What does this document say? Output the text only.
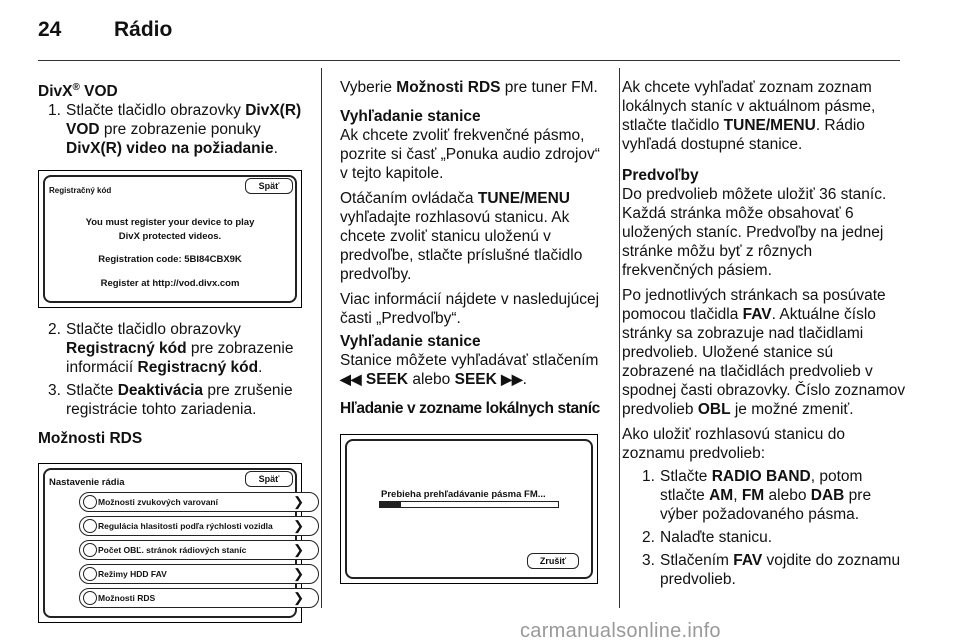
24	Rádio

DivX® VOD

1. Stlačte tlačidlo obrazovky DivX(R) VOD pre zobrazenie ponuky DivX(R) video na požiadanie.
Registračný kód	Späť
You must register your device to play
DivX protected videos.
Registration code: 5BI84CBX9K
Register at http://vod.divx.com
2. Stlačte tlačidlo obrazovky Registracný kód pre zobrazenie informácií Registracný kód.
3. Stlačte Deaktivácia pre zrušenie registrácie tohto zariadenia.

Možnosti RDS

Nastavenie rádia	Späť
Možnosti zvukových varovaní	❯
Regulácia hlasitosti podľa rýchlosti vozidla ❯
Počet OBĽ. stránok rádiových staníc	❯
Režimy HDD FAV	❯
Možnosti RDS	❯

Vyberie Možnosti RDS pre tuner FM.

Vyhľadanie stanice

Ak chcete zvoliť frekvenčné pásmo, pozrite si časť „Ponuka audio zdrojov“ v tejto kapitole.

Otáčaním ovládača TUNE/MENU vyhľadajte rozhlasovú stanicu. Ak chcete zvoliť stanicu uloženú v predvoľbe, stlačte príslušné tlačidlo predvoľby.

Viac informácií nájdete v nasledujúcej časti „Predvoľby“.

Vyhľadanie stanice

Stanice môžete vyhľadávať stlačením ◀◀ SEEK alebo SEEK ▶▶.

Hľadanie v zozname lokálnych staníc

Prebieha prehľadávanie pásma FM...
Zrušiť

Ak chcete vyhľadať zoznam zoznam lokálnych staníc v aktuálnom pásme, stlačte tlačidlo TUNE/MENU. Rádio vyhľadá dostupné stanice.

Predvoľby

Do predvolieb môžete uložiť 36 staníc. Každá stránka môže obsahovať 6 uložených staníc. Predvoľby na jednej stránke môžu byť z rôznych frekvenčných pásiem.

Po jednotlivých stránkach sa posúvate pomocou tlačidla FAV. Aktuálne číslo stránky sa zobrazuje nad tlačidlami predvolieb. Uložené stanice sú zobrazené na tlačidlách predvolieb v spodnej časti obrazovky. Číslo zoznamov predvolieb OBL je možné zmeniť.

Ako uložiť rozhlasovú stanicu do zoznamu predvolieb:

1. Stlačte RADIO BAND, potom stlačte AM, FM alebo DAB pre výber požadovaného pásma.
2. Nalaďte stanicu.
3. Stlačením FAV vojdite do zoznamu predvolieb.
carmanualsonline.info
